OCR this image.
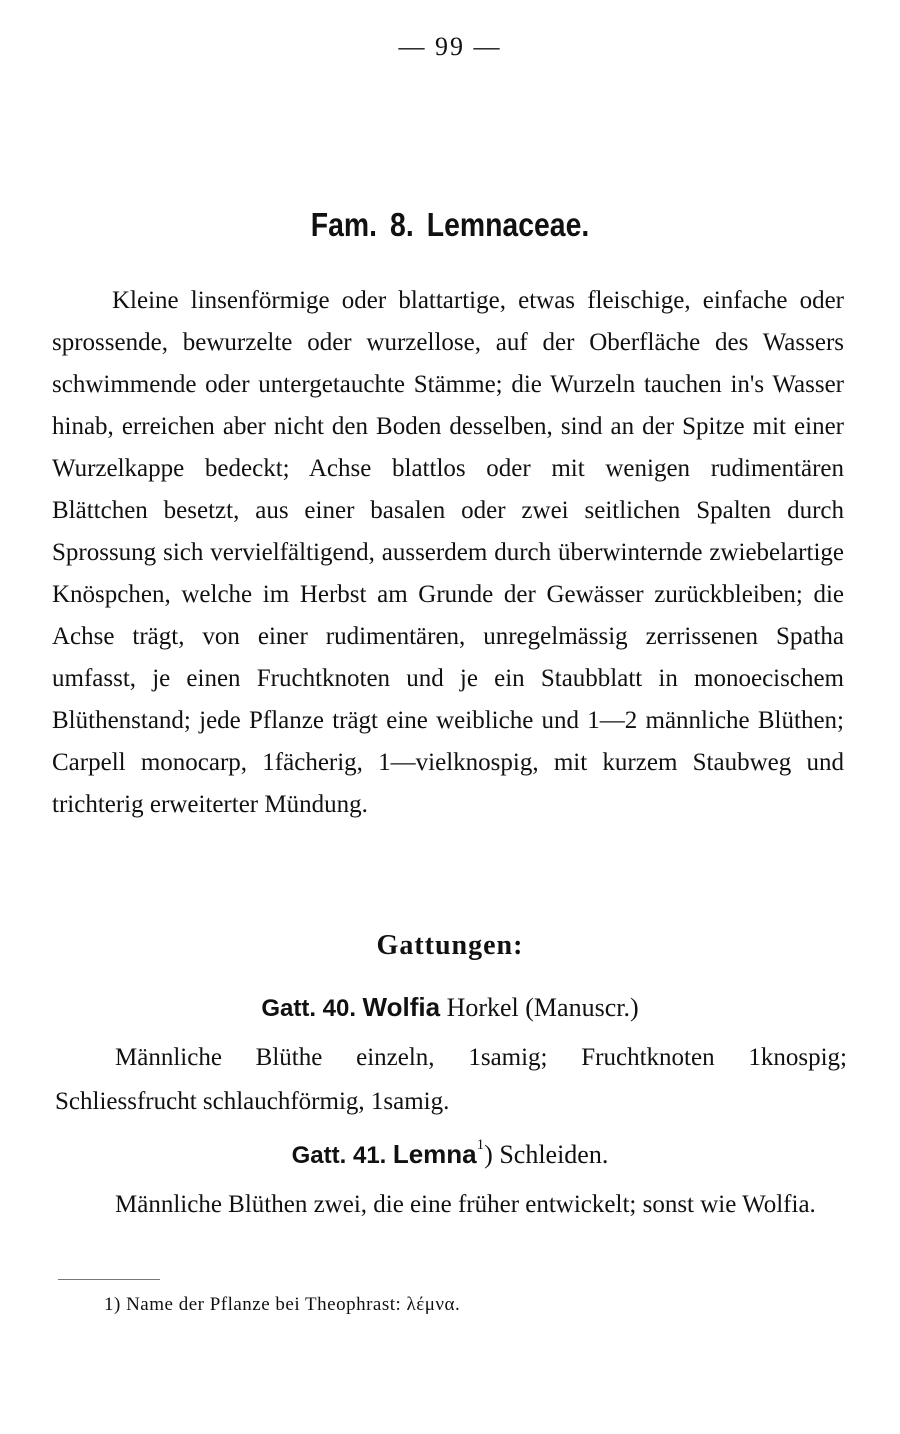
— 99 —
Fam. 8. Lemnaceae.
Kleine linsenförmige oder blattartige, etwas fleischige, einfache oder sprossende, bewurzelte oder wurzellose, auf der Oberfläche des Wassers schwimmende oder untergetauchte Stämme; die Wurzeln tauchen in's Wasser hinab, erreichen aber nicht den Boden desselben, sind an der Spitze mit einer Wurzelkappe bedeckt; Achse blattlos oder mit wenigen rudimentären Blättchen besetzt, aus einer basalen oder zwei seitlichen Spalten durch Sprossung sich vervielfältigend, ausserdem durch überwinternde zwiebelartige Knöspchen, welche im Herbst am Grunde der Gewässer zurückbleiben; die Achse trägt, von einer rudimentären, unregelmässig zerrissenen Spatha umfasst, je einen Fruchtknoten und je ein Staubblatt in monoecischem Blüthenstand; jede Pflanze trägt eine weibliche und 1—2 männliche Blüthen; Carpell monocarp, 1fächerig, 1—vielknospig, mit kurzem Staubweg und trichterig erweiterter Mündung.
Gattungen:
Gatt. 40. Wolfia Horkel (Manuscr.)
Männliche Blüthe einzeln, 1samig; Fruchtknoten 1knospig; Schliessfrucht schlauchförmig, 1samig.
Gatt. 41. Lemna$^1$) Schleiden.
Männliche Blüthen zwei, die eine früher entwickelt; sonst wie Wolfia.
1) Name der Pflanze bei Theophrast: λέμνα.
